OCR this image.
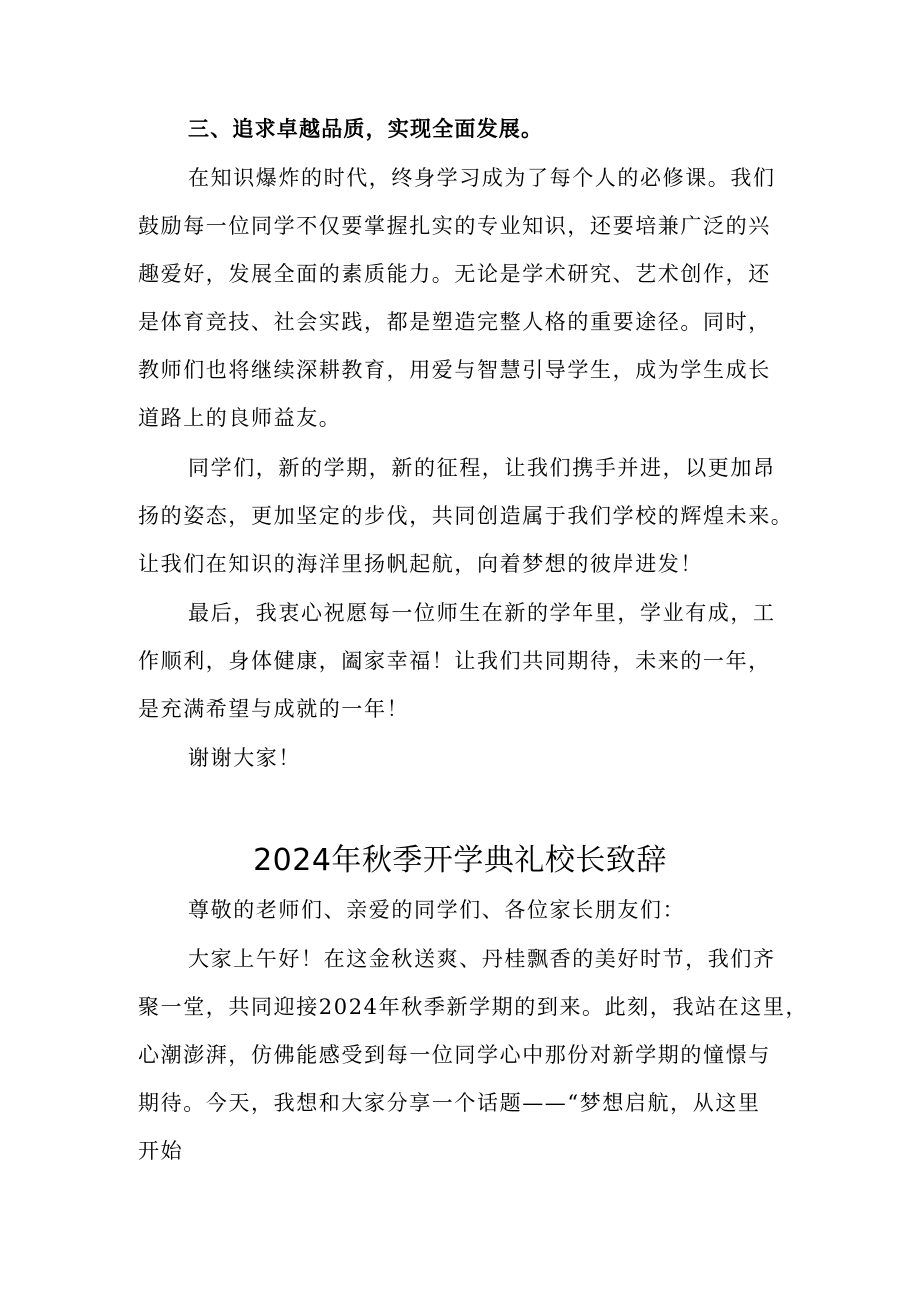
三、追求卓越品质，实现全面发展。
在知识爆炸的时代，终身学习成为了每个人的必修课。我们
鼓励每一位同学不仅要掌握扎实的专业知识，还要培兼广泛的兴
趣爱好，发展全面的素质能力。无论是学术研究、艺术创作，还
是体育竞技、社会实践，都是塑造完整人格的重要途径。同时，
教师们也将继续深耕教育，用爱与智慧引导学生，成为学生成长
道路上的良师益友。
同学们，新的学期，新的征程，让我们携手并进，以更加昂
扬的姿态，更加坚定的步伐，共同创造属于我们学校的辉煌未来。
让我们在知识的海洋里扬帆起航，向着梦想的彼岸进发！
最后，我衷心祝愿每一位师生在新的学年里，学业有成，工
作顺利，身体健康，阖家幸福！让我们共同期待，未来的一年，
是充满希望与成就的一年！
谢谢大家！
2024年秋季开学典礼校长致辞
尊敬的老师们、亲爱的同学们、各位家长朋友们：
大家上午好！在这金秋送爽、丹桂飘香的美好时节，我们齐
聚一堂，共同迎接2024年秋季新学期的到来。此刻，我站在这里，
心潮澎湃，仿佛能感受到每一位同学心中那份对新学期的憧憬与
期待。今天，我想和大家分享一个话题——“梦想启航，从这里
开始
